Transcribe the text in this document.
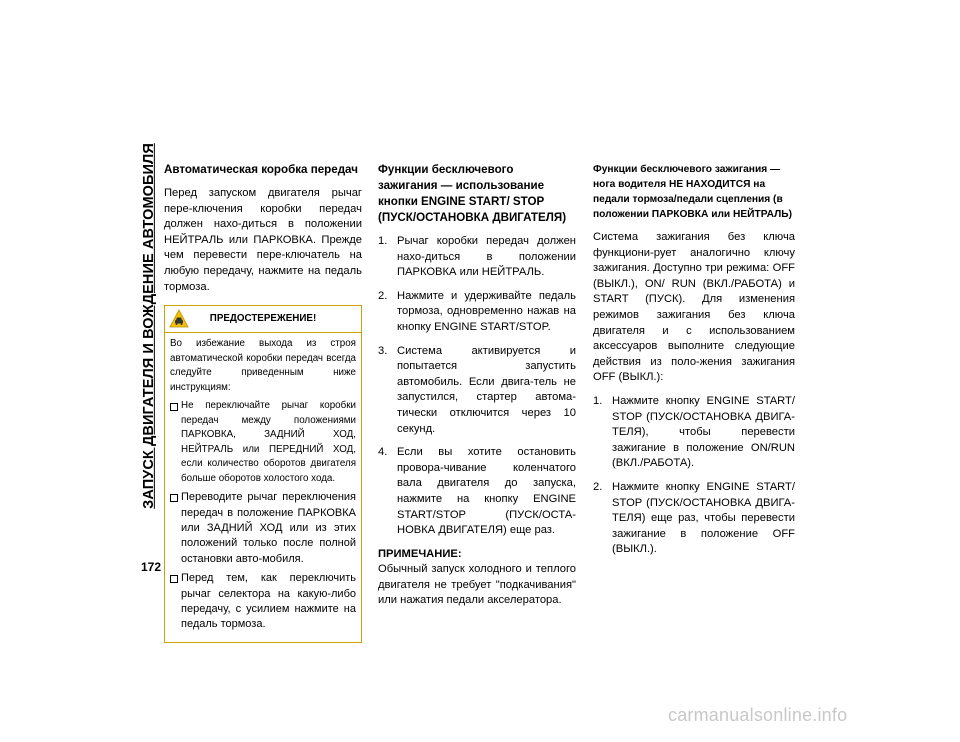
ЗАПУСК ДВИГАТЕЛЯ И ВОЖДЕНИЕ АВТОМОБИЛЯ
172
Автоматическая коробка передач

Перед запуском двигателя рычаг пере-ключения коробки передач должен нахо-диться в положении НЕЙТРАЛЬ или ПАРКОВКА. Прежде чем перевести пере-ключатель на любую передачу, нажмите на педаль тормоза.

ПРЕДОСТЕРЕЖЕНИЕ!

Во избежание выхода из строя автоматической коробки передач всегда следуйте приведенным ниже инструкциям:

Не переключайте рычаг коробки передач между положениями ПАРКОВКА, ЗАДНИЙ ХОД, НЕЙТРАЛЬ или ПЕРЕДНИЙ ХОД, если количество оборотов двигателя больше оборотов холостого хода.
Переводите рычаг переключения передач в положение ПАРКОВКА или ЗАДНИЙ ХОД или из этих положений только после полной остановки авто-мобиля.
Перед тем, как переключить рычаг селектора на какую-либо передачу, с усилием нажмите на педаль тормоза.
Функции бесключевого зажигания — использование кнопки ENGINE START/ STOP (ПУСК/ОСТАНОВКА ДВИГАТЕЛЯ)
1. Рычаг коробки передач должен нахо-диться в положении ПАРКОВКА или НЕЙТРАЛЬ.
2. Нажмите и удерживайте педаль тормоза, одновременно нажав на кнопку ENGINE START/STOP.
3. Система активируется и попытается запустить автомобиль. Если двига-тель не запустился, стартер автома-тически отключится через 10 секунд.
4. Если вы хотите остановить провора-чивание коленчатого вала двигателя до запуска, нажмите на кнопку ENGINE START/STOP (ПУСК/ОСТА-НОВКА ДВИГАТЕЛЯ) еще раз.
ПРИМЕЧАНИЕ:

Обычный запуск холодного и теплого двигателя не требует "подкачивания" или нажатия педали акселератора.

Функции бесключевого зажигания — нога водителя НЕ НАХОДИТСЯ на педали тормоза/педали сцепления (в положении ПАРКОВКА или НЕЙТРАЛЬ)

Система зажигания без ключа функциони-рует аналогично ключу зажигания. Доступно три режима: OFF (ВЫКЛ.), ON/ RUN (ВКЛ./РАБОТА) и START (ПУСК). Для изменения режимов зажигания без ключа двигателя и с использованием аксессуаров выполните следующие действия из поло-жения зажигания OFF (ВЫКЛ.):

1. Нажмите кнопку ENGINE START/ STOP (ПУСК/ОСТАНОВКА ДВИГА-ТЕЛЯ), чтобы перевести зажигание в положение ON/RUN (ВКЛ./РАБОТА).
2. Нажмите кнопку ENGINE START/ STOP (ПУСК/ОСТАНОВКА ДВИГА-ТЕЛЯ) еще раз, чтобы перевести зажигание в положение OFF (ВЫКЛ.).
carmanualsonline.info
